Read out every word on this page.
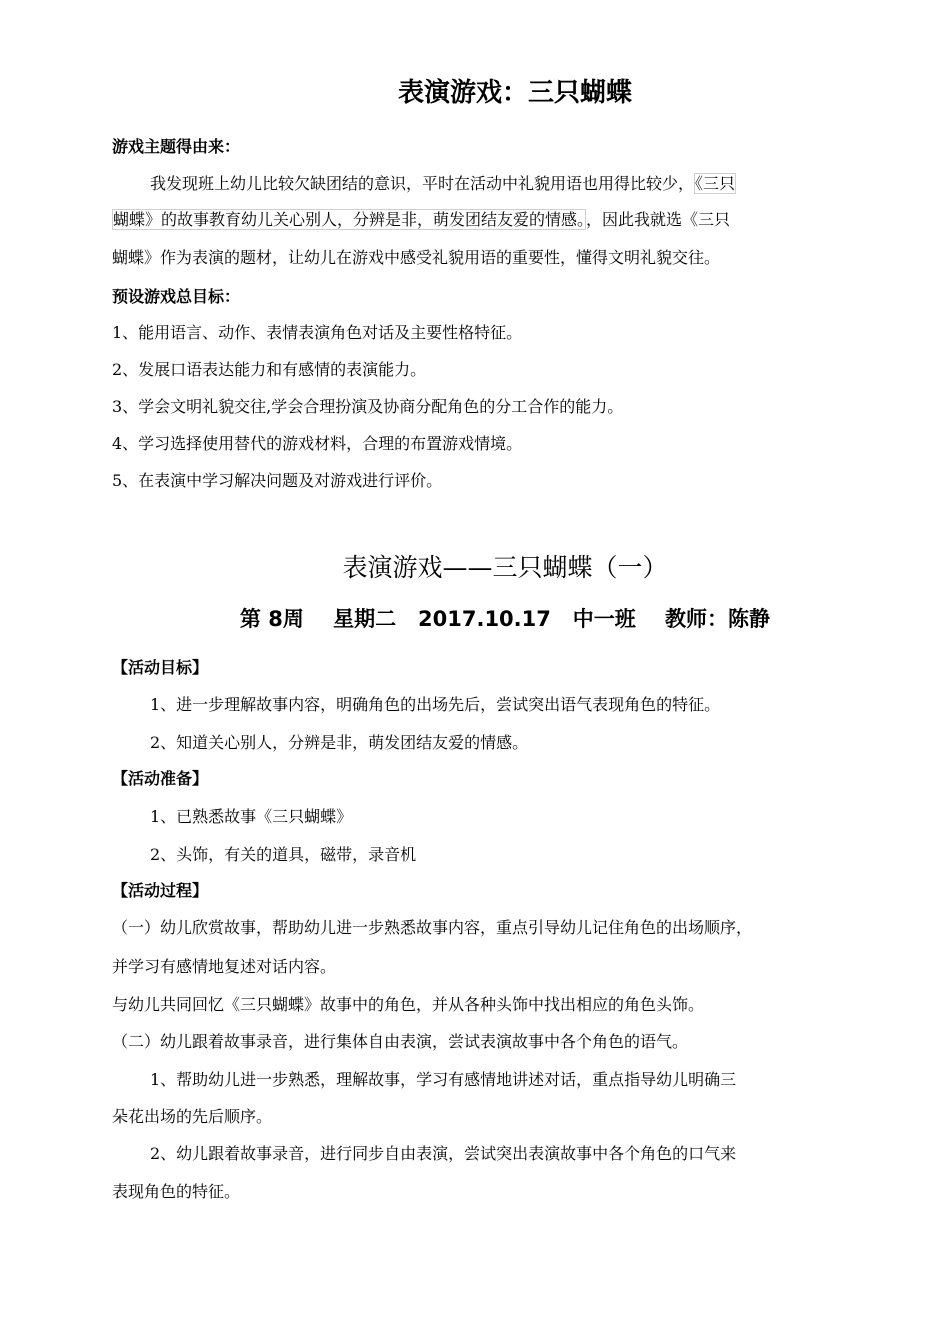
表演游戏：三只蝴蝶
游戏主题得由来：
我发现班上幼儿比较欠缺团结的意识，平时在活动中礼貌用语也用得比较少，《三只
蝴蝶》的故事教育幼儿关心别人，分辨是非，萌发团结友爱的情感。，因此我就选《三只
蝴蝶》作为表演的题材，让幼儿在游戏中感受礼貌用语的重要性，懂得文明礼貌交往。
预设游戏总目标：
1、能用语言、动作、表情表演角色对话及主要性格特征。
2、发展口语表达能力和有感情的表演能力。
3、学会文明礼貌交往,学会合理扮演及协商分配角色的分工合作的能力。
4、学习选择使用替代的游戏材料，合理的布置游戏情境。
5、在表演中学习解决问题及对游戏进行评价。
表演游戏——三只蝴蝶（一）
第 8周    星期二   2017.10.17   中一班    教师：陈静
【活动目标】
1、进一步理解故事内容，明确角色的出场先后，尝试突出语气表现角色的特征。
2、知道关心别人，分辨是非，萌发团结友爱的情感。
【活动准备】
1、已熟悉故事《三只蝴蝶》
2、头饰，有关的道具，磁带，录音机
【活动过程】
（一）幼儿欣赏故事，帮助幼儿进一步熟悉故事内容，重点引导幼儿记住角色的出场顺序，
并学习有感情地复述对话内容。
与幼儿共同回忆《三只蝴蝶》故事中的角色，并从各种头饰中找出相应的角色头饰。
（二）幼儿跟着故事录音，进行集体自由表演，尝试表演故事中各个角色的语气。
1、帮助幼儿进一步熟悉，理解故事，学习有感情地讲述对话，重点指导幼儿明确三
朵花出场的先后顺序。
2、幼儿跟着故事录音，进行同步自由表演，尝试突出表演故事中各个角色的口气来
表现角色的特征。
